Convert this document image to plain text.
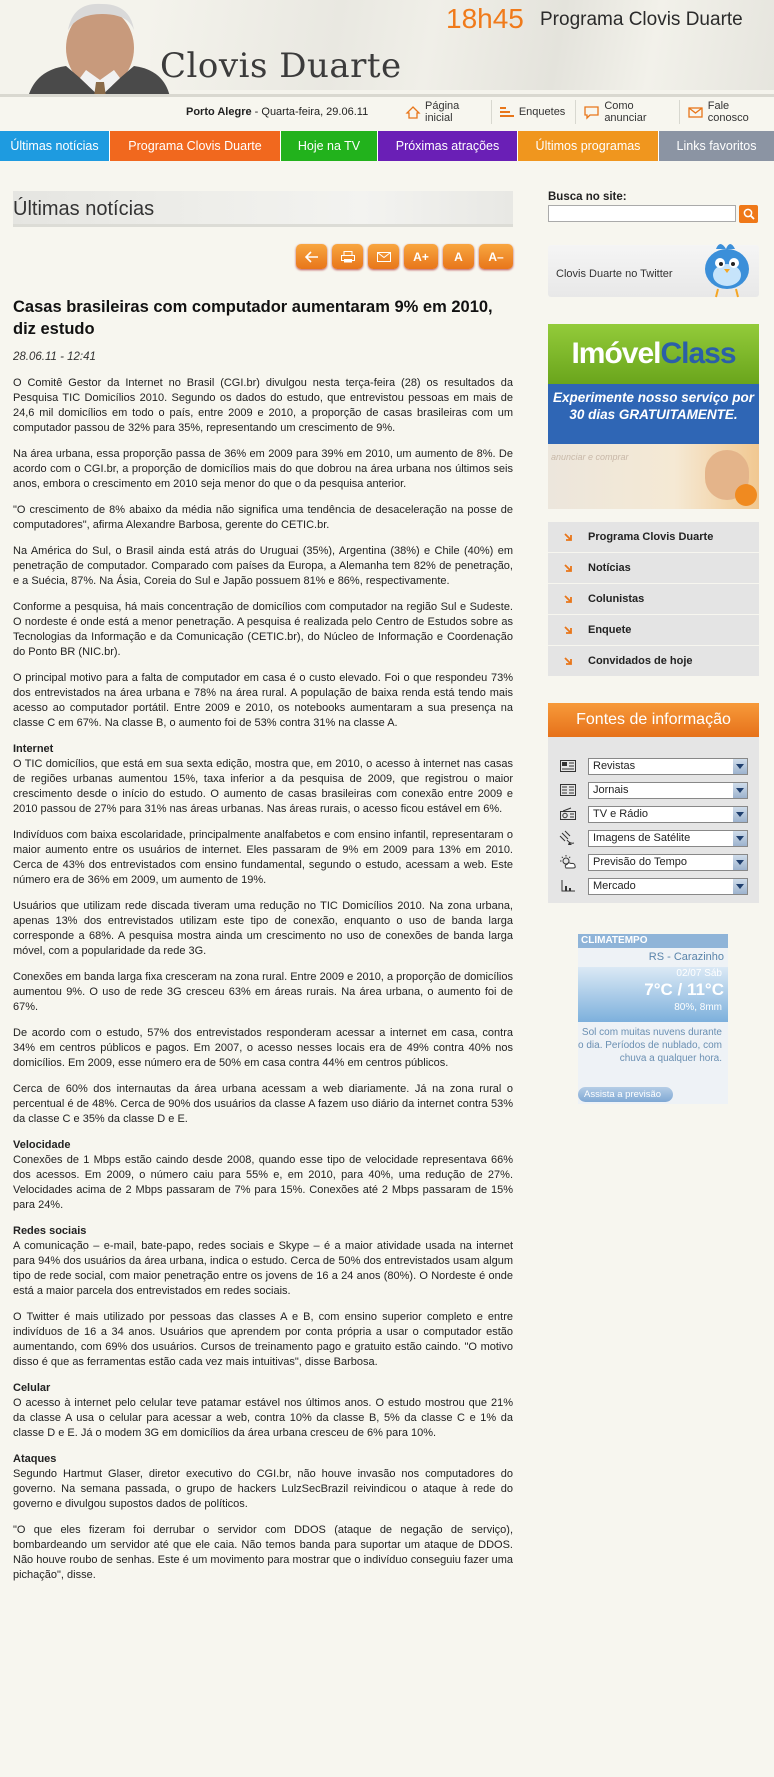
Clovis Duarte
18h45 Programa Clovis Duarte
Porto Alegre - Quarta-feira, 29.06.11	Página inicial	Enquetes	Como anunciar
Fale conosco
Últimas notícias	Programa Clovis Duarte	Hoje na TV	Próximas atrações	Últimos programas	Links favoritos
Últimas notícias
A+	A	A–
Casas brasileiras com computador aumentaram 9% em 2010, diz estudo
28.06.11 - 12:41

O Comitê Gestor da Internet no Brasil (CGI.br) divulgou nesta terça-feira (28) os resultados da Pesquisa TIC Domicílios 2010. Segundo os dados do estudo, que entrevistou pessoas em mais de 24,6 mil domicílios em todo o país, entre 2009 e 2010, a proporção de casas brasileiras com um computador passou de 32% para 35%, representando um crescimento de 9%.

Na área urbana, essa proporção passa de 36% em 2009 para 39% em 2010, um aumento de 8%. De acordo com o CGI.br, a proporção de domicílios mais do que dobrou na área urbana nos últimos seis anos, embora o crescimento em 2010 seja menor do que o da pesquisa anterior.

"O crescimento de 8% abaixo da média não significa uma tendência de desaceleração na posse de computadores", afirma Alexandre Barbosa, gerente do CETIC.br.

Na América do Sul, o Brasil ainda está atrás do Uruguai (35%), Argentina (38%) e Chile (40%) em penetração de computador. Comparado com países da Europa, a Alemanha tem 82% de penetração, e a Suécia, 87%. Na Ásia, Coreia do Sul e Japão possuem 81% e 86%, respectivamente.

Conforme a pesquisa, há mais concentração de domicílios com computador na região Sul e Sudeste. O nordeste é onde está a menor penetração. A pesquisa é realizada pelo Centro de Estudos sobre as Tecnologias da Informação e da Comunicação (CETIC.br), do Núcleo de Informação e Coordenação do Ponto BR (NIC.br).

O principal motivo para a falta de computador em casa é o custo elevado. Foi o que respondeu 73% dos entrevistados na área urbana e 78% na área rural. A população de baixa renda está tendo mais acesso ao computador portátil. Entre 2009 e 2010, os notebooks aumentaram a sua presença na classe C em 67%. Na classe B, o aumento foi de 53% contra 31% na classe A.

Internet

O TIC domicílios, que está em sua sexta edição, mostra que, em 2010, o acesso à internet nas casas de regiões urbanas aumentou 15%, taxa inferior a da pesquisa de 2009, que registrou o maior crescimento desde o início do estudo. O aumento de casas brasileiras com conexão entre 2009 e 2010 passou de 27% para 31% nas áreas urbanas. Nas áreas rurais, o acesso ficou estável em 6%.

Indivíduos com baixa escolaridade, principalmente analfabetos e com ensino infantil, representaram o maior aumento entre os usuários de internet. Eles passaram de 9% em 2009 para 13% em 2010. Cerca de 43% dos entrevistados com ensino fundamental, segundo o estudo, acessam a web. Este número era de 36% em 2009, um aumento de 19%.

Usuários que utilizam rede discada tiveram uma redução no TIC Domicílios 2010. Na zona urbana, apenas 13% dos entrevistados utilizam este tipo de conexão, enquanto o uso de banda larga corresponde a 68%. A pesquisa mostra ainda um crescimento no uso de conexões de banda larga móvel, com a popularidade da rede 3G.

Conexões em banda larga fixa cresceram na zona rural. Entre 2009 e 2010, a proporção de domicílios aumentou 9%. O uso de rede 3G cresceu 63% em áreas rurais. Na área urbana, o aumento foi de 67%.

De acordo com o estudo, 57% dos entrevistados responderam acessar a internet em casa, contra 34% em centros públicos e pagos. Em 2007, o acesso nesses locais era de 49% contra 40% nos domicílios. Em 2009, esse número era de 50% em casa contra 44% em centros públicos.

Cerca de 60% dos internautas da área urbana acessam a web diariamente. Já na zona rural o percentual é de 48%. Cerca de 90% dos usuários da classe A fazem uso diário da internet contra 53% da classe C e 35% da classe D e E.

Velocidade

Conexões de 1 Mbps estão caindo desde 2008, quando esse tipo de velocidade representava 66% dos acessos. Em 2009, o número caiu para 55% e, em 2010, para 40%, uma redução de 27%. Velocidades acima de 2 Mbps passaram de 7% para 15%. Conexões até 2 Mbps passaram de 15% para 24%.

Redes sociais

A comunicação – e-mail, bate-papo, redes sociais e Skype – é a maior atividade usada na internet para 94% dos usuários da área urbana, indica o estudo. Cerca de 50% dos entrevistados usam algum tipo de rede social, com maior penetração entre os jovens de 16 a 24 anos (80%). O Nordeste é onde está a maior parcela dos entrevistados em redes sociais.

O Twitter é mais utilizado por pessoas das classes A e B, com ensino superior completo e entre indivíduos de 16 a 34 anos. Usuários que aprendem por conta própria a usar o computador estão aumentando, com 69% dos usuários. Cursos de treinamento pago e gratuito estão caindo. "O motivo disso é que as ferramentas estão cada vez mais intuitivas", disse Barbosa.

Celular

O acesso à internet pelo celular teve patamar estável nos últimos anos. O estudo mostrou que 21% da classe A usa o celular para acessar a web, contra 10% da classe B, 5% da classe C e 1% da classe D e E. Já o modem 3G em domicílios da área urbana cresceu de 6% para 10%.

Ataques

Segundo Hartmut Glaser, diretor executivo do CGI.br, não houve invasão nos computadores do governo. Na semana passada, o grupo de hackers LulzSecBrazil reivindicou o ataque à rede do governo e divulgou supostos dados de políticos.

"O que eles fizeram foi derrubar o servidor com DDOS (ataque de negação de serviço), bombardeando um servidor até que ele caia. Não temos banda para suportar um ataque de DDOS. Não houve roubo de senhas. Este é um movimento para mostrar que o indivíduo conseguiu fazer uma pichação", disse.

Busca no site:
Clovis Duarte no Twitter
Imóvel Class
Experimente nosso serviço por 30 dias GRATUITAMENTE.
anunciar e comprar
Programa Clovis Duarte
Notícias
Colunistas
Enquete
Convidados de hoje
Fontes de informação
Revistas
Jornais
TV e Rádio
Imagens de Satélite
Previsão do Tempo
Mercado
CLIMATEMPO
RS - Carazinho
02/07 Sáb
7°C / 11°C
80%, 8mm
Sol com muitas nuvens durante o dia. Períodos de nublado, com chuva a qualquer hora.
Assista a previsão
